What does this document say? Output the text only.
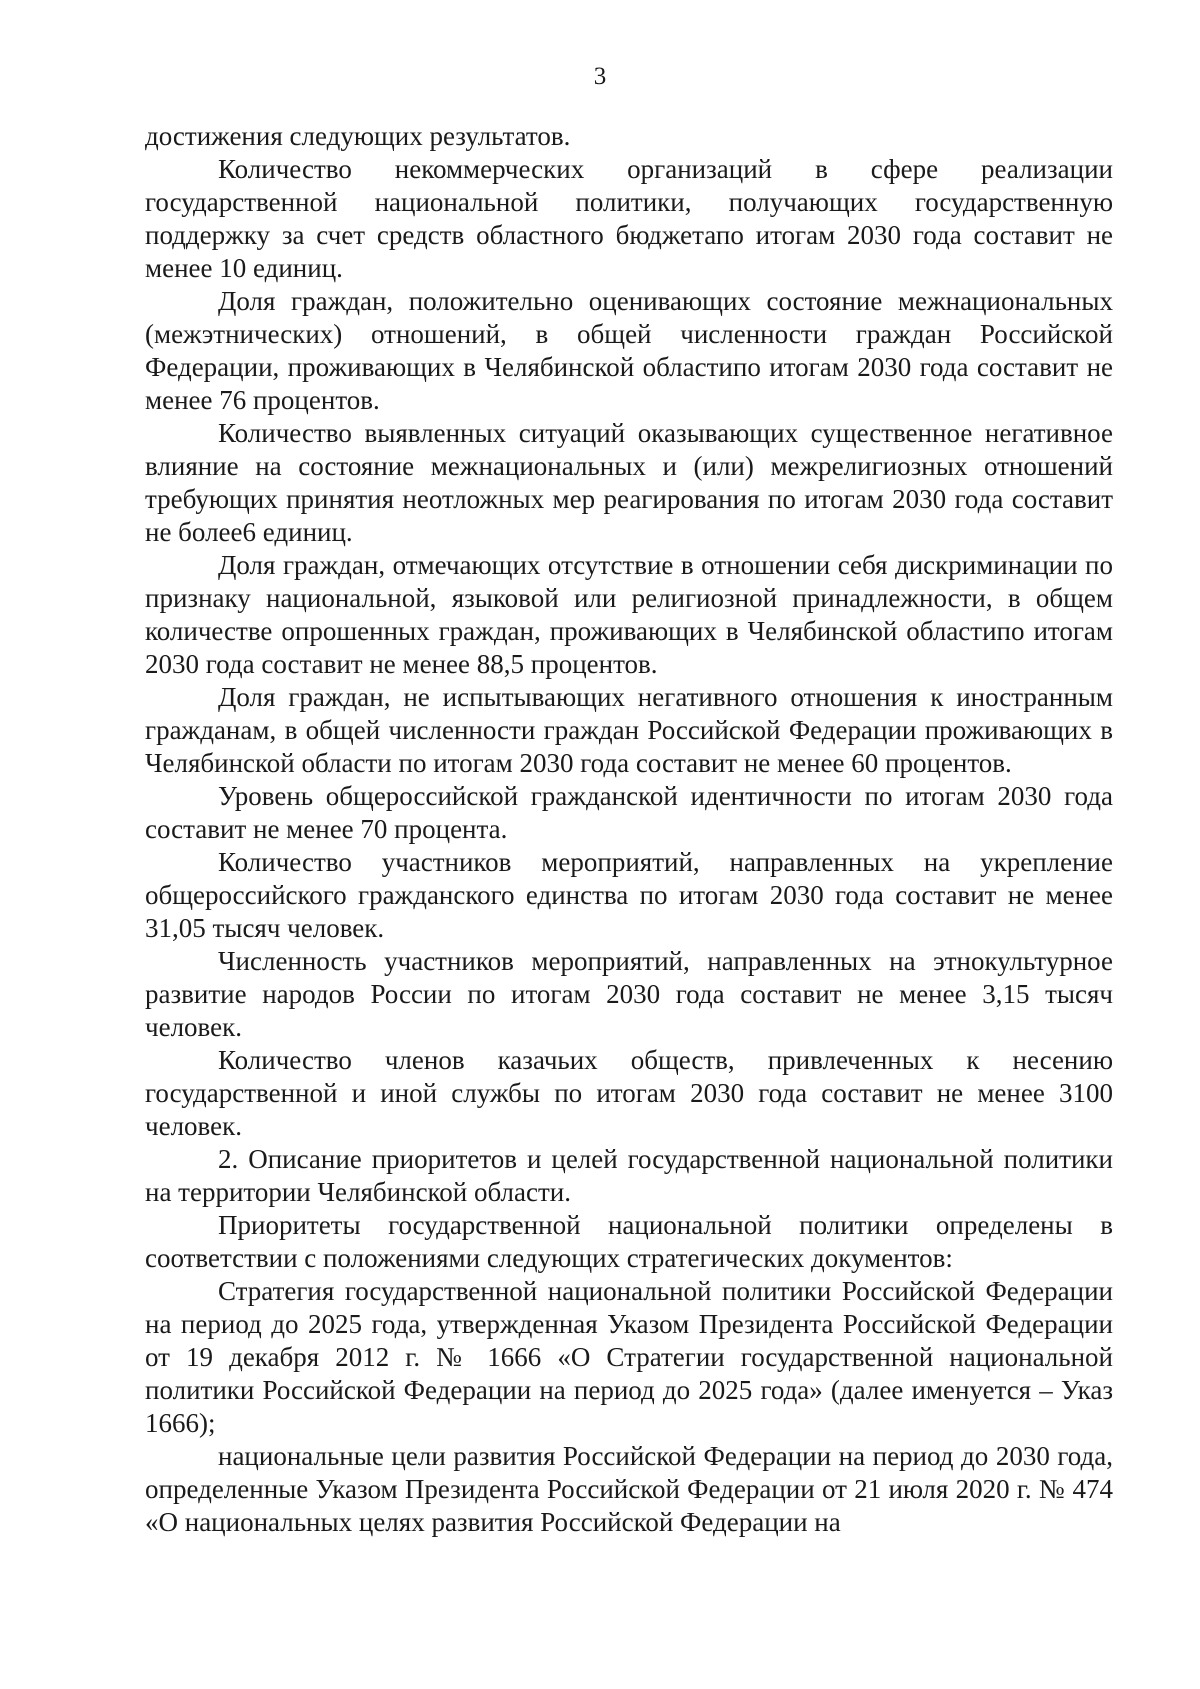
3

достижения следующих результатов.

Количество некоммерческих организаций в сфере реализации государственной национальной политики, получающих государственную поддержку за счет средств областного бюджетапо итогам 2030 года составит не менее 10 единиц.

Доля граждан, положительно оценивающих состояние межнациональных (межэтнических) отношений, в общей численности граждан Российской Федерации, проживающих в Челябинской областипо итогам 2030 года составит не менее 76 процентов.

Количество выявленных ситуаций оказывающих существенное негативное влияние на состояние межнациональных и (или) межрелигиозных отношений требующих принятия неотложных мер реагирования по итогам 2030 года составит не более6 единиц.

Доля граждан, отмечающих отсутствие в отношении себя дискриминации по признаку национальной, языковой или религиозной принадлежности, в общем количестве опрошенных граждан, проживающих в Челябинской областипо итогам 2030 года составит не менее 88,5 процентов.

Доля граждан, не испытывающих негативного отношения к иностранным гражданам, в общей численности граждан Российской Федерации проживающих в Челябинской области по итогам 2030 года составит не менее 60 процентов.

Уровень общероссийской гражданской идентичности по итогам 2030 года составит не менее 70 процента.

Количество участников мероприятий, направленных на укрепление общероссийского гражданского единства по итогам 2030 года составит не менее 31,05 тысяч человек.

Численность участников мероприятий, направленных на этнокультурное развитие народов России по итогам 2030 года составит не менее 3,15 тысяч человек.

Количество членов казачьих обществ, привлеченных к несению государственной и иной службы по итогам 2030 года составит не менее 3100 человек.

2. Описание приоритетов и целей государственной национальной политики на территории Челябинской области.

Приоритеты государственной национальной политики определены в соответствии с положениями следующих стратегических документов:

Стратегия государственной национальной политики Российской Федерации на период до 2025 года, утвержденная Указом Президента Российской Федерации от 19 декабря 2012 г. № 1666 «О Стратегии государственной национальной политики Российской Федерации на период до 2025 года» (далее именуется – Указ 1666);

национальные цели развития Российской Федерации на период до 2030 года, определенные Указом Президента Российской Федерации от 21 июля 2020 г. № 474 «О национальных целях развития Российской Федерации на
